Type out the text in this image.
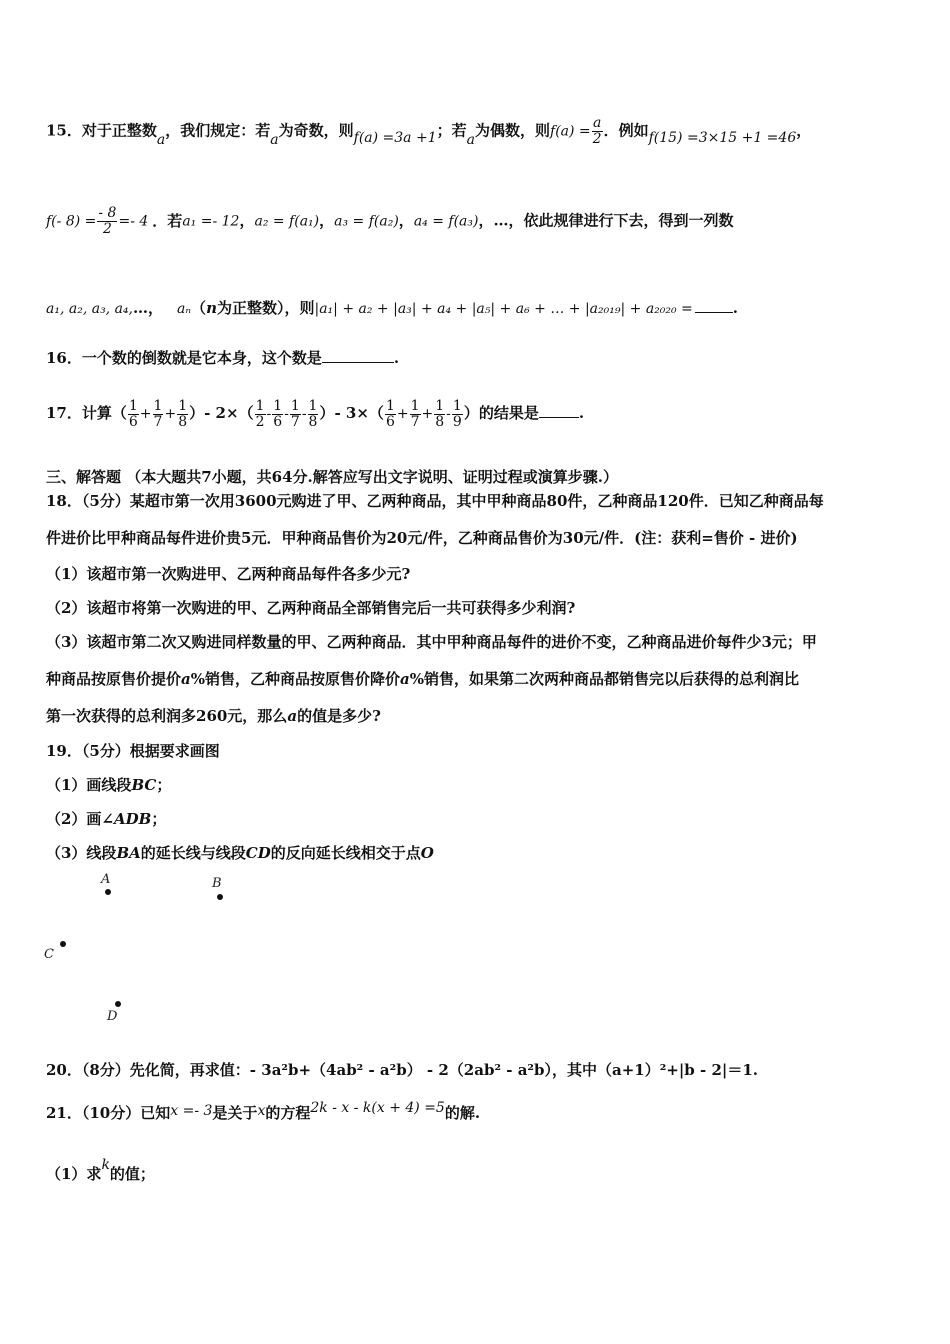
15．对于正整数a，我们规定：若a为奇数，则f(a) =3a +1；若a为偶数，则$f(a) = \frac{a}{2}$ ．例如f(15) =3×15 +1 =46，
f(- $8) = \frac{- 8}{2} =- 4$ ．若a₁ =- 12，a₂ = f(a₁)，a₃ = f(a₂)，a₄ = f(a₃)，…，依此规律进行下去，得到一列数
a₁, a₂, a₃, a₄,…， aₙ（n为正整数），则|a₁| + a₂ + |a₃| + a₄ + |a₅| + a₆ + … + |a₂₀₁₉| + a₂₀₂₀ =	.
16．一个数的倒数就是它本身，这个数是	.
17．计算（ $\frac{1}{6} + \frac{1}{7} + \frac{1}{8}$ ）- $2\times( \frac{1}{2} - \frac{1}{6} - \frac{1}{7} - \frac{1}{8}$ ）- $3\times( \frac{1}{6} + \frac{1}{7} + \frac{1}{8} - \frac{1}{9}$ ）的结果是	.
三、解答题 （本大题共7小题，共64分.解答应写出文字说明、证明过程或演算步骤.）
18．（5分）某超市第一次用3600元购进了甲、乙两种商品，其中甲种商品80件，乙种商品120件．已知乙种商品每
件进价比甲种商品每件进价贵5元．甲种商品售价为20元/件，乙种商品售价为30元/件．(注：获利=售价 - 进价)
（1）该超市第一次购进甲、乙两种商品每件各多少元?
（2）该超市将第一次购进的甲、乙两种商品全部销售完后一共可获得多少利润?
（3）该超市第二次又购进同样数量的甲、乙两种商品．其中甲种商品每件的进价不变，乙种商品进价每件少3元；甲
种商品按原售价提价a%销售，乙种商品按原售价降价a%销售，如果第二次两种商品都销售完以后获得的总利润比
第一次获得的总利润多260元，那么a的值是多少?
19．（5分）根据要求画图
（1）画线段BC；
（2）画∠ADB；
（3）线段BA的延长线与线段CD的反向延长线相交于点O
A	B
C
D
20．（8分）先化简，再求值：- 3a²b+（4ab² - a²b） - 2（2ab² - a²b），其中（a+1）²+|b - 2|＝1.
21．（10分）已知x =- 3是关于x的方程2k - x - k(x + 4) =5的解.
（1）求k的值；
